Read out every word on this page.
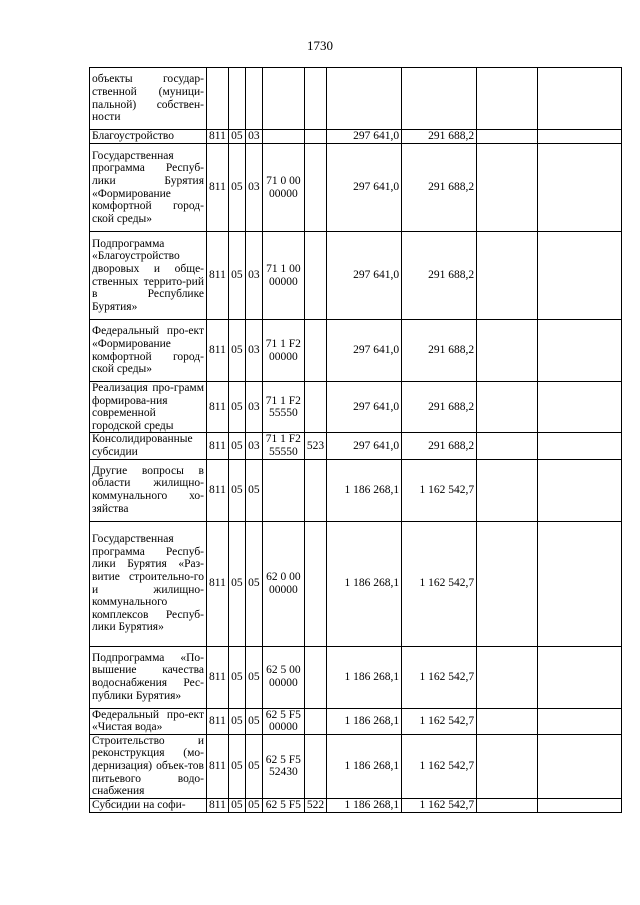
1730
объекты государ-ственной (муници-пальной) собствен-ности									
Благоустройство	811	05	03			297 641,0	291 688,2		
Государственная программа Респуб-лики Бурятия «Формирование комфортной город-ской среды»	811	05	03	71 0 00 00000		297 641,0	291 688,2		
Подпрограмма «Благоустройство дворовых и обще-ственных террито-рий в Республике Бурятия»	811	05	03	71 1 00 00000		297 641,0	291 688,2		
Федеральный про-ект «Формирование комфортной город-ской среды»	811	05	03	71 1 F2 00000		297 641,0	291 688,2		
Реализация про-грамм формирова-ния современной городской среды	811	05	03	71 1 F2 55550		297 641,0	291 688,2		
Консолидированные субсидии	811	05	03	71 1 F2 55550	523	297 641,0	291 688,2		
Другие вопросы в области жилищно-коммунального хо-зяйства	811	05	05			1 186 268,1	1 162 542,7		
Государственная программа Респуб-лики Бурятия «Раз-витие строительно-го и жилищно-коммунального комплексов Респуб-лики Бурятия»	811	05	05	62 0 00 00000		1 186 268,1	1 162 542,7		
Подпрограмма «По-вышение качества водоснабжения Рес-публики Бурятия»	811	05	05	62 5 00 00000		1 186 268,1	1 162 542,7		
Федеральный про-ект «Чистая вода»	811	05	05	62 5 F5 00000		1 186 268,1	1 162 542,7		
Строительство и реконструкция (мо-дернизация) объек-тов питьевого водо-снабжения	811	05	05	62 5 F5 52430		1 186 268,1	1 162 542,7		
Субсидии на софи-	811	05	05	62 5 F5	522	1 186 268,1	1 162 542,7		
